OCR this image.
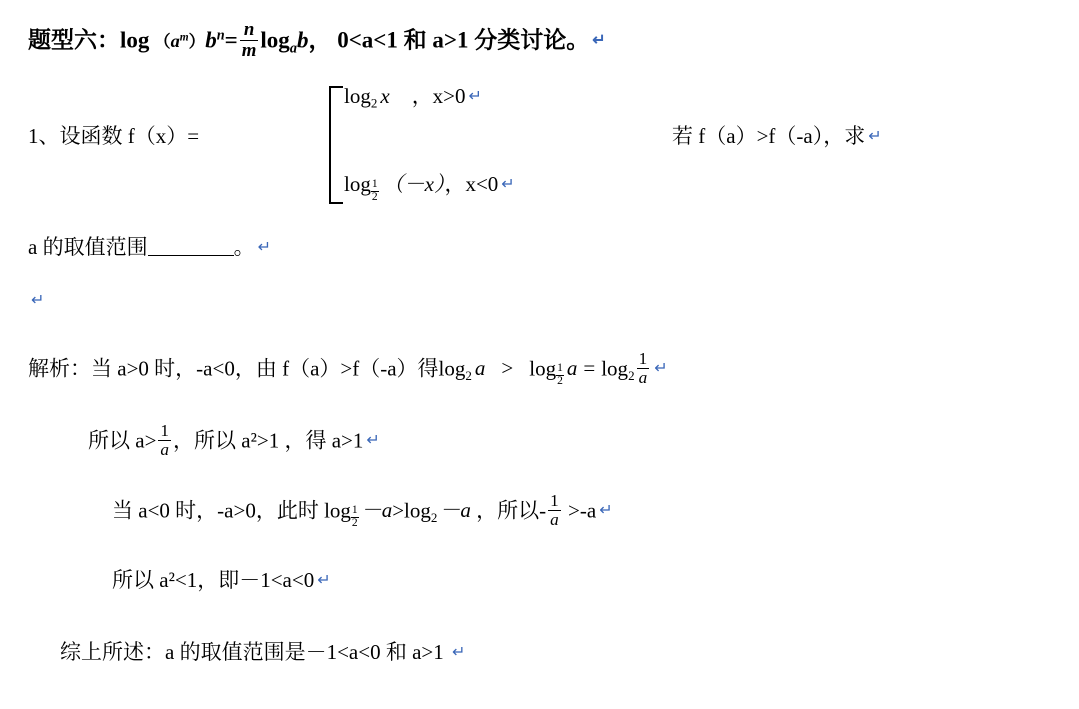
题型六：$\log (a^m)b^n= \frac{n}{m} \log_ab$， 0<a<1 和 a>1 分类讨论。 ↵
1、设函数 f（x）=
$\log_2 x$ ，x>0 ↵
$\log \frac{1}{2} (-x)$，x<0 ↵
若 f（a）>f（-a），求 ↵
a 的取值范围	。 ↵
↵
解析：当 a>0 时，-a<0，由 f（a）>f（-a）得$\log_2 a > \log \frac{1}{2}$ $a = \log_2 \frac{1}{a}$ ↵
所以 $a> \frac{1}{a}$ ，所以 a²>1 ，得 a>1 ↵
当 a<0 时，-a>0，此时 $\log \frac{1}{2} -a>\log_2-a$ ，所以- $\frac{1}{a} >-a$ ↵
所以 a²<1，即－1<a<0 ↵
综上所述：a 的取值范围是－1<a<0 和 a>1 ↵
